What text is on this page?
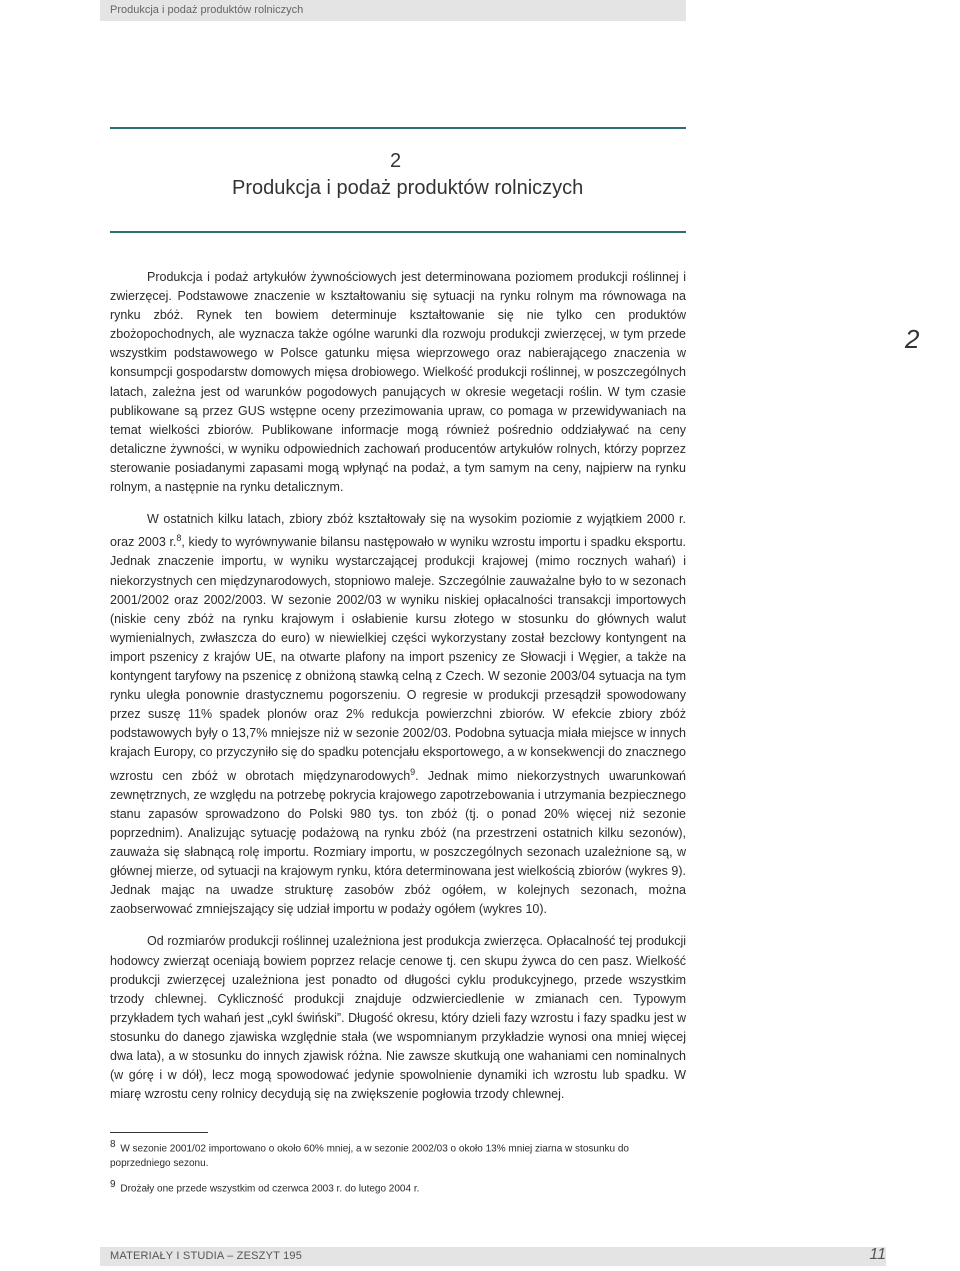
Produkcja i podaż produktów rolniczych
2
Produkcja i podaż produktów rolniczych
2

Produkcja i podaż artykułów żywnościowych jest determinowana poziomem produkcji roślinnej i zwierzęcej. Podstawowe znaczenie w kształtowaniu się sytuacji na rynku rolnym ma równowaga na rynku zbóż. Rynek ten bowiem determinuje kształtowanie się nie tylko cen produktów zbożopochodnych, ale wyznacza także ogólne warunki dla rozwoju produkcji zwierzęcej, w tym przede wszystkim podstawowego w Polsce gatunku mięsa wieprzowego oraz nabierającego znaczenia w konsumpcji gospodarstw domowych mięsa drobiowego. Wielkość produkcji roślinnej, w poszczególnych latach, zależna jest od warunków pogodowych panujących w okresie wegetacji roślin. W tym czasie publikowane są przez GUS wstępne oceny przezimowania upraw, co pomaga w przewidywaniach na temat wielkości zbiorów. Publikowane informacje mogą również pośrednio oddziaływać na ceny detaliczne żywności, w wyniku odpowiednich zachowań producentów artykułów rolnych, którzy poprzez sterowanie posiadanymi zapasami mogą wpłynąć na podaż, a tym samym na ceny, najpierw na rynku rolnym, a następnie na rynku detalicznym.

W ostatnich kilku latach, zbiory zbóż kształtowały się na wysokim poziomie z wyjątkiem 2000 r. oraz 2003 r.$^8$, kiedy to wyrównywanie bilansu następowało w wyniku wzrostu importu i spadku eksportu. Jednak znaczenie importu, w wyniku wystarczającej produkcji krajowej (mimo rocznych wahań) i niekorzystnych cen międzynarodowych, stopniowo maleje. Szczególnie zauważalne było to w sezonach 2001/2002 oraz 2002/2003. W sezonie 2002/03 w wyniku niskiej opłacalności transakcji importowych (niskie ceny zbóż na rynku krajowym i osłabienie kursu złotego w stosunku do głównych walut wymienialnych, zwłaszcza do euro) w niewielkiej części wykorzystany został bezcłowy kontyngent na import pszenicy z krajów UE, na otwarte plafony na import pszenicy ze Słowacji i Węgier, a także na kontyngent taryfowy na pszenicę z obniżoną stawką celną z Czech. W sezonie 2003/04 sytuacja na tym rynku uległa ponownie drastycznemu pogorszeniu. O regresie w produkcji przesądził spowodowany przez suszę 11% spadek plonów oraz 2% redukcja powierzchni zbiorów. W efekcie zbiory zbóż podstawowych były o 13,7% mniejsze niż w sezonie 2002/03. Podobna sytuacja miała miejsce w innych krajach Europy, co przyczyniło się do spadku potencjału eksportowego, a w konsekwencji do znacznego wzrostu cen zbóż w obrotach międzynarodowych$^9$. Jednak mimo niekorzystnych uwarunkowań zewnętrznych, ze względu na potrzebę pokrycia krajowego zapotrzebowania i utrzymania bezpiecznego stanu zapasów sprowadzono do Polski 980 tys. ton zbóż (tj. o ponad 20% więcej niż sezonie poprzednim). Analizując sytuację podażową na rynku zbóż (na przestrzeni ostatnich kilku sezonów), zauważa się słabnącą rolę importu. Rozmiary importu, w poszczególnych sezonach uzależnione są, w głównej mierze, od sytuacji na krajowym rynku, która determinowana jest wielkością zbiorów (wykres 9). Jednak mając na uwadze strukturę zasobów zbóż ogółem, w kolejnych sezonach, można zaobserwować zmniejszający się udział importu w podaży ogółem (wykres 10).

Od rozmiarów produkcji roślinnej uzależniona jest produkcja zwierzęca. Opłacalność tej produkcji hodowcy zwierząt oceniają bowiem poprzez relacje cenowe tj. cen skupu żywca do cen pasz. Wielkość produkcji zwierzęcej uzależniona jest ponadto od długości cyklu produkcyjnego, przede wszystkim trzody chlewnej. Cykliczność produkcji znajduje odzwierciedlenie w zmianach cen. Typowym przykładem tych wahań jest „cykl świński”. Długość okresu, który dzieli fazy wzrostu i fazy spadku jest w stosunku do danego zjawiska względnie stała (we wspomnianym przykładzie wynosi ona mniej więcej dwa lata), a w stosunku do innych zjawisk różna. Nie zawsze skutkują one wahaniami cen nominalnych (w górę i w dół), lecz mogą spowodować jedynie spowolnienie dynamiki ich wzrostu lub spadku. W miarę wzrostu ceny rolnicy decydują się na zwiększenie pogłowia trzody chlewnej.

$^8$ W sezonie 2001/02 importowano o około 60% mniej, a w sezonie 2002/03 o około 13% mniej ziarna w stosunku do poprzedniego sezonu.
$^9$ Drożały one przede wszystkim od czerwca 2003 r. do lutego 2004 r.
MATERIAŁY I STUDIA – ZESZYT 195	11
